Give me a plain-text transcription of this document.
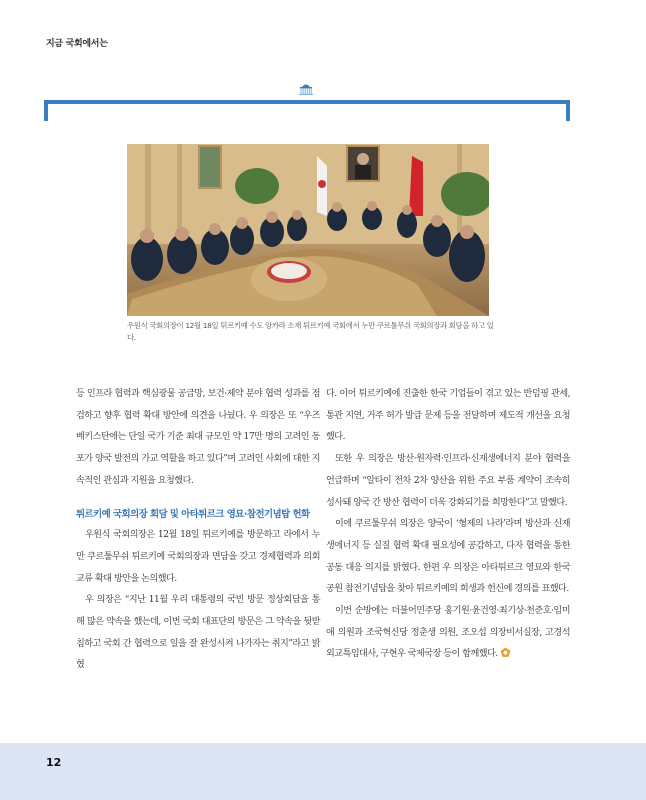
지금 국회에서는
우원식 국회의장이 12월 18일 튀르키예 수도 앙카라 소재 튀르키예 국회에서 누만 쿠르툴무쉬 국회의장과 회담을 하고 있다.

등 인프라 협력과 핵심광물 공급망, 보건·제약 분야 협력 성과를 점검하고 향후 협력 확대 방안에 의견을 나눴다. 우 의장은 또 “우즈베키스탄에는 단일 국가 기준 최대 규모인 약 17만 명의 고려인 동포가 양국 발전의 가교 역할을 하고 있다”며 고려인 사회에 대한 지속적인 관심과 지원을 요청했다.

튀르키예 국회의장 회담 및 아타튀르크 영묘·참전기념탑 헌화

우원식 국회의장은 12월 18일 튀르키예를 방문하고 라에서 누만 쿠르툴무쉬 튀르키예 국회의장과 면담을 갖고 경제협력과 의회 교류 확대 방안을 논의했다.

우 의장은 “지난 11월 우리 대통령의 국빈 방문 정상회담을 통해 많은 약속을 했는데, 이번 국회 대표단의 방문은 그 약속을 뒷받침하고 국회 간 협력으로 일을 잘 완성시켜 나가자는 취지”라고 밝혔

다. 이어 튀르키예에 진출한 한국 기업들이 겪고 있는 반덤핑 관세, 통관 지연, 거주 허가 발급 문제 등을 전달하며 제도적 개선을 요청했다.

또한 우 의장은 방산·원자력·인프라·신재생에너지 분야 협력을 언급하며 “알타이 전차 2차 양산을 위한 주요 부품 계약이 조속히 성사돼 양국 간 방산 협력이 더욱 강화되기를 희망한다”고 말했다.

이에 쿠르툴무쉬 의장은 양국이 ‘형제의 나라’라며 방산과 신재생에너지 등 실질 협력 확대 필요성에 공감하고, 다자 협력을 통한 공동 대응 의지를 밝혔다. 한편 우 의장은 아타튀르크 영묘와 한국공원 참전기념탑을 찾아 튀르키예의 희생과 헌신에 경의를 표했다.

이번 순방에는 더불어민주당 홍기원·윤건영·최기상·천준호·임미애 의원과 조국혁신당 정춘생 의원, 조오섭 의장비서실장, 고경석 외교특임대사, 구현우 국제국장 등이 함께했다.

12
